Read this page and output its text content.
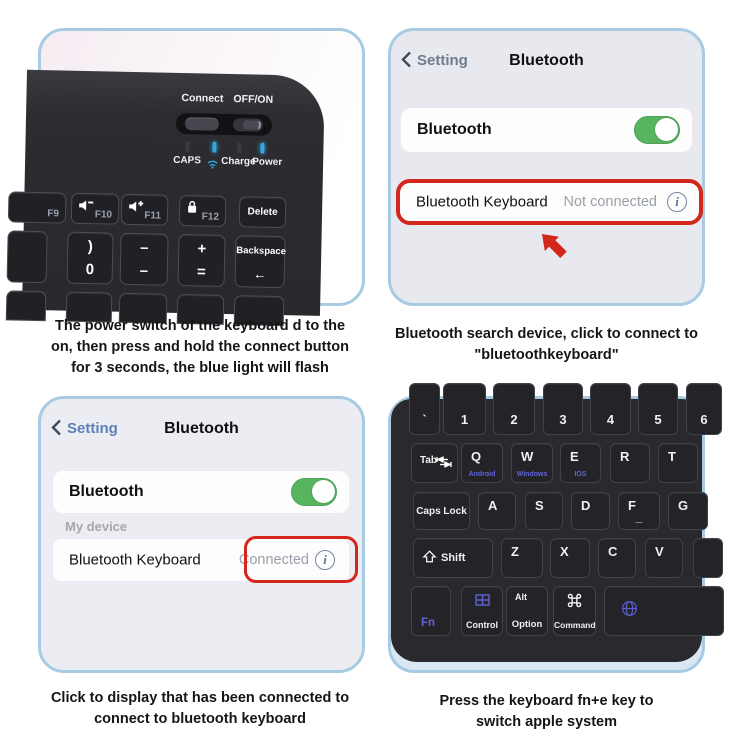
Connect OFF/ON
CAPS Charge
Power
F9	F10	F11	F12	Delete
)
0
–
–
+
=
Backspace
←
Setting	Bluetooth
Bluetooth
Bluetooth Keyboard Not connected	i
Setting	Bluetooth
Bluetooth
My device
Bluetooth Keyboard	Connected	i
`	1	2	3	4	5	6
Tab	Q
Android
W
Windows
E
IOS
R	T
Caps Lock A	S	D	F
_
G
Shift	Z	X	C	V
Fn	Control
Alt
Option	Command
The power switch of the keyboard d to the
on, then press and hold the connect button
for 3 seconds, the blue light will flash
Bluetooth search device, click to connect to
"bluetoothkeyboard"
Click to display that has been connected to
connect to bluetooth keyboard
Press the keyboard fn+e key to
switch apple system
